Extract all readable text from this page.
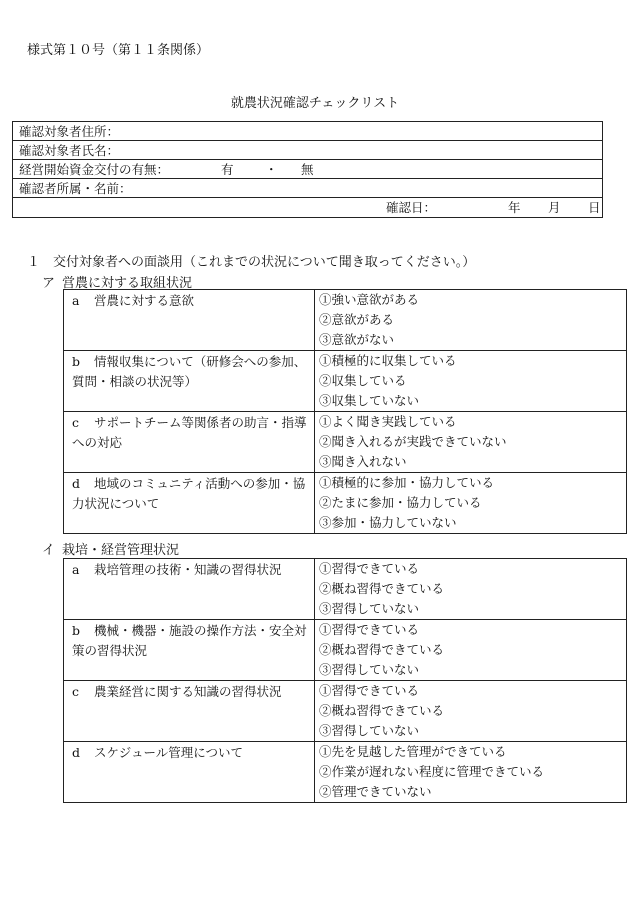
様式第１０号（第１１条関係）
就農状況確認チェックリスト
確認対象者住所：
確認対象者氏名：
経営開始資金交付の有無：	有	・ 無
確認者所属・名前：
確認日：	年 月 日
１　交付対象者への面談用（これまでの状況について聞き取ってください。）
ア 営農に対する取組状況
a 営農に対する意欲	①強い意欲がある
②意欲がある
③意欲がない

b 情報収集について（研修会への参加、質問・相談の状況等）	①積極的に収集している
②収集している
③収集していない

c サポートチーム等関係者の助言・指導への対応	①よく聞き実践している
②聞き入れるが実践できていない
③聞き入れない

d 地域のコミュニティ活動への参加・協力状況について	①積極的に参加・協力している
②たまに参加・協力している
③参加・協力していない
イ 栽培・経営管理状況
a 栽培管理の技術・知識の習得状況	①習得できている
②概ね習得できている
③習得していない

b 機械・機器・施設の操作方法・安全対策の習得状況	①習得できている
②概ね習得できている
③習得していない

c 農業経営に関する知識の習得状況	①習得できている
②概ね習得できている
③習得していない

d スケジュール管理について	①先を見越した管理ができている
②作業が遅れない程度に管理できている
②管理できていない
